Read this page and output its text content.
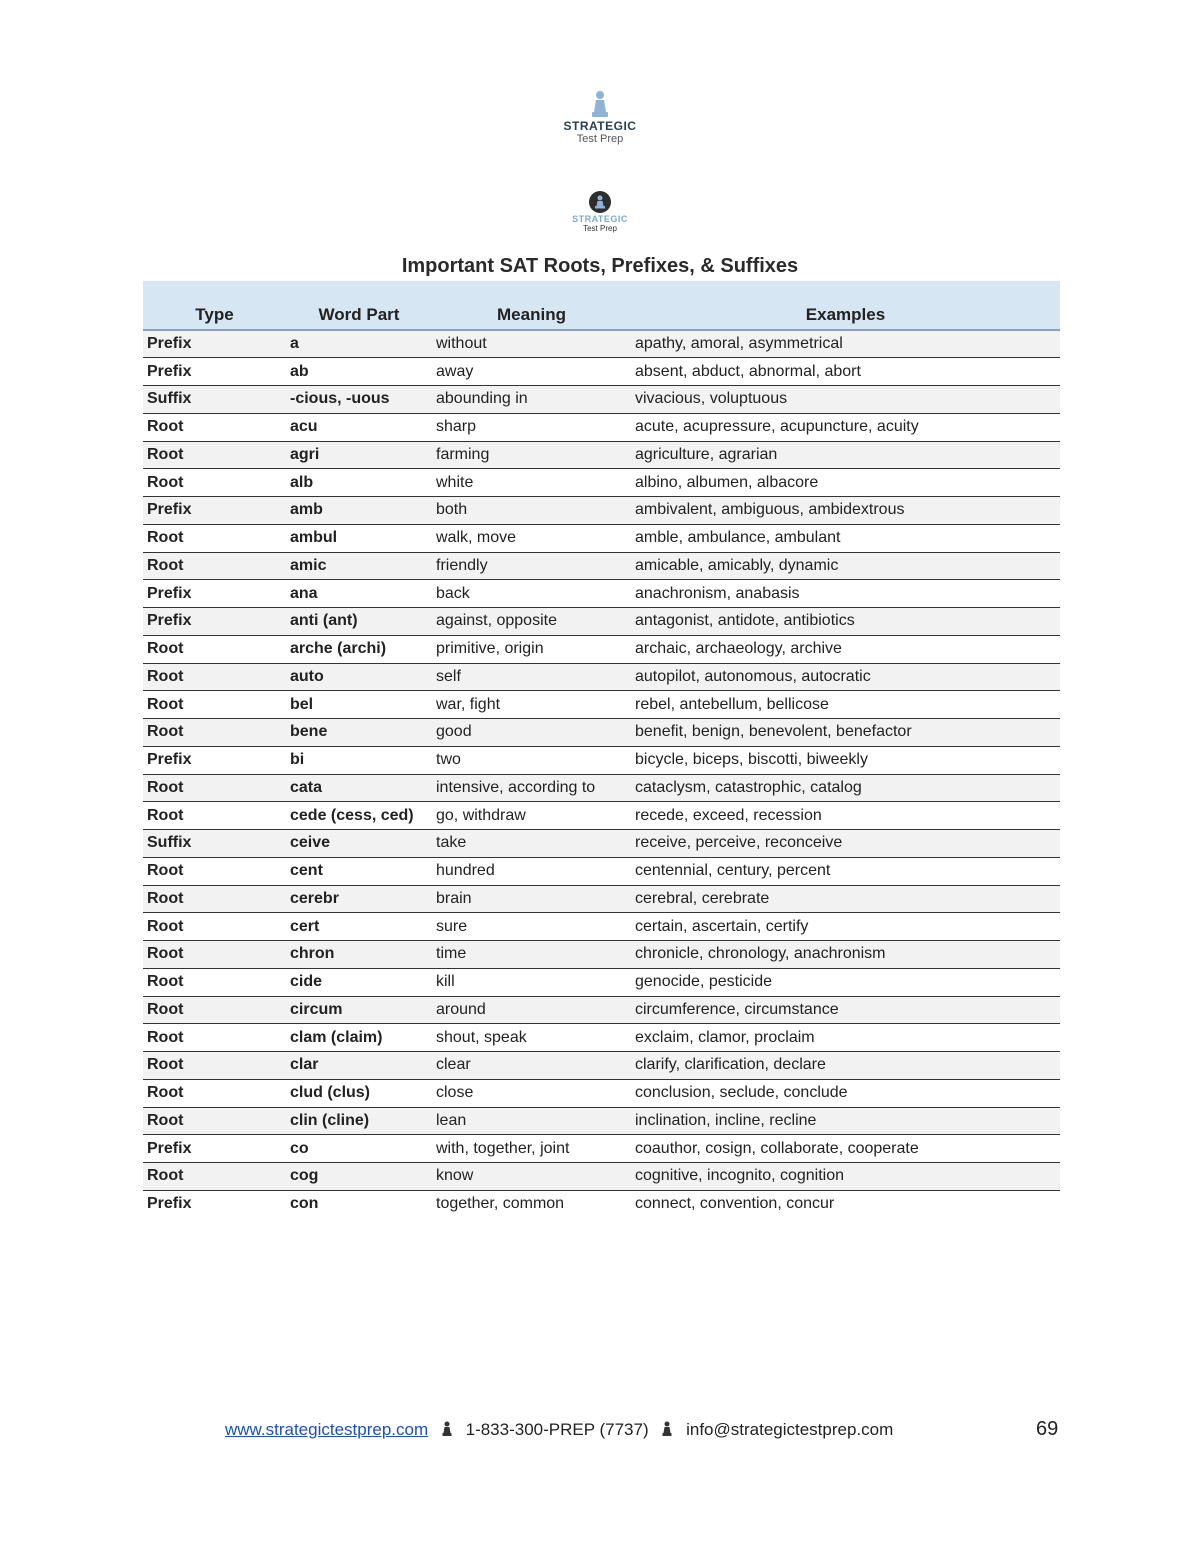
STRATEGIC
Test Prep
STRATEGIC
Test Prep
Important SAT Roots, Prefixes, & Suffixes
Type	Word Part	Meaning	Examples
Prefix	a	without	apathy, amoral, asymmetrical
Prefix	ab	away	absent, abduct, abnormal, abort
Suffix	-cious, -uous	abounding in	vivacious, voluptuous
Root	acu	sharp	acute, acupressure, acupuncture, acuity
Root	agri	farming	agriculture, agrarian
Root	alb	white	albino, albumen, albacore
Prefix	amb	both	ambivalent, ambiguous, ambidextrous
Root	ambul	walk, move	amble, ambulance, ambulant
Root	amic	friendly	amicable, amicably, dynamic
Prefix	ana	back	anachronism, anabasis
Prefix	anti (ant)	against, opposite	antagonist, antidote, antibiotics
Root	arche (archi)	primitive, origin	archaic, archaeology, archive
Root	auto	self	autopilot, autonomous, autocratic
Root	bel	war, fight	rebel, antebellum, bellicose
Root	bene	good	benefit, benign, benevolent, benefactor
Prefix	bi	two	bicycle, biceps, biscotti, biweekly
Root	cata	intensive, according to	cataclysm, catastrophic, catalog
Root	cede (cess, ced)	go, withdraw	recede, exceed, recession
Suffix	ceive	take	receive, perceive, reconceive
Root	cent	hundred	centennial, century, percent
Root	cerebr	brain	cerebral, cerebrate
Root	cert	sure	certain, ascertain, certify
Root	chron	time	chronicle, chronology, anachronism
Root	cide	kill	genocide, pesticide
Root	circum	around	circumference, circumstance
Root	clam (claim)	shout, speak	exclaim, clamor, proclaim
Root	clar	clear	clarify, clarification, declare
Root	clud (clus)	close	conclusion, seclude, conclude
Root	clin (cline)	lean	inclination, incline, recline
Prefix	co	with, together, joint	coauthor, cosign, collaborate, cooperate
Root	cog	know	cognitive, incognito, cognition
Prefix	con	together, common	connect, convention, concur
www.strategictestprep.com 1-833-300-PREP (7737) info@strategictestprep.com	69
